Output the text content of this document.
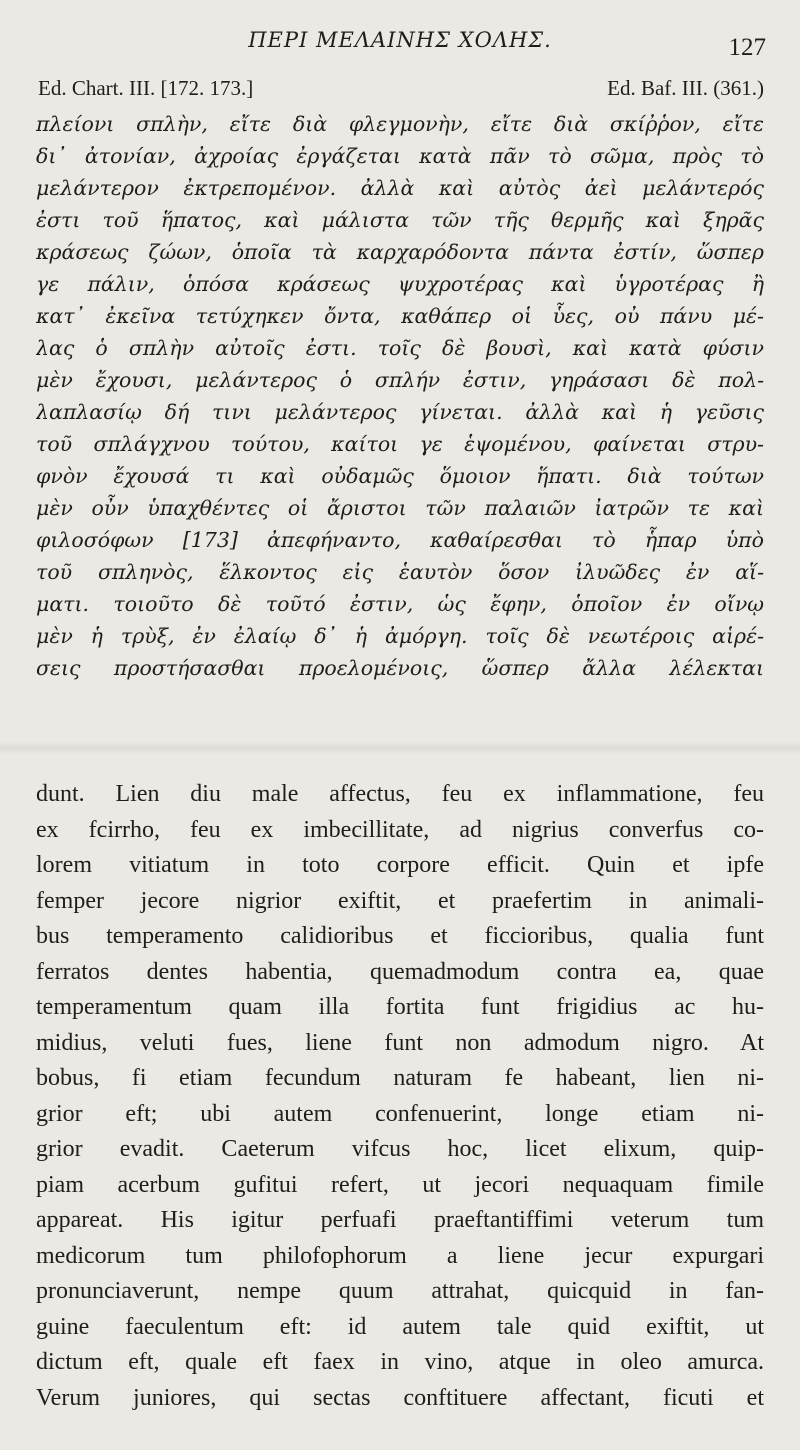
ΠΕΡΙ ΜΕΛΑΙΝΗΣ ΧΟΛΗΣ.	127
Ed. Chart. III. [172. 173.]	Ed. Baf. III. (361.)
πλείονι σπλὴν, εἴτε διὰ φλεγμονὴν, εἴτε διὰ σκίῤῥον, εἴτε
δι᾽ ἀτονίαν, ἀχροίας ἐργάζεται κατὰ πᾶν τὸ σῶμα, πρὸς τὸ
μελάντερον ἐκτρεπομένον. ἀλλὰ καὶ αὐτὸς ἀεὶ μελάντερός
ἐστι τοῦ ἥπατος, καὶ μάλιστα τῶν τῆς θερμῆς καὶ ξηρᾶς
κράσεως ζώων, ὁποῖα τὰ καρχαρόδοντα πάντα ἐστίν, ὥσπερ
γε πάλιν, ὁπόσα κράσεως ψυχροτέρας καὶ ὑγροτέρας ἢ
κατ᾽ ἐκεῖνα τετύχηκεν ὄντα, καθάπερ οἱ ὗες, οὐ πάνυ μέ-
λας ὁ σπλὴν αὐτοῖς ἐστι. τοῖς δὲ βουσὶ, καὶ κατὰ φύσιν
μὲν ἔχουσι, μελάντερος ὁ σπλήν ἐστιν, γηράσασι δὲ πολ-
λαπλασίῳ δή τινι μελάντερος γίνεται. ἀλλὰ καὶ ἡ γεῦσις
τοῦ σπλάγχνου τούτου, καίτοι γε ἑψομένου, φαίνεται στρυ-
φνὸν ἔχουσά τι καὶ οὐδαμῶς ὅμοιον ἥπατι. διὰ τούτων
μὲν οὖν ὑπαχθέντες οἱ ἄριστοι τῶν παλαιῶν ἰατρῶν τε καὶ
φιλοσόφων [173] ἀπεφήναντο, καθαίρεσθαι τὸ ἧπαρ ὑπὸ
τοῦ σπληνὸς, ἕλκοντος εἰς ἑαυτὸν ὅσον ἰλυῶδες ἐν αἵ-
ματι. τοιοῦτο δὲ τοῦτό ἐστιν, ὡς ἔφην, ὁποῖον ἐν οἴνῳ
μὲν ἡ τρὺξ, ἐν ἐλαίῳ δ᾽ ἡ ἀμόργη. τοῖς δὲ νεωτέροις αἱρέ-
σεις προστήσασθαι προελομένοις, ὥσπερ ἄλλα λέλεκται
dunt. Lien diu male affectus, feu ex inflammatione, feu
ex fcirrho, feu ex imbecillitate, ad nigrius converfus co-
lorem vitiatum in toto corpore efficit. Quin et ipfe
femper jecore nigrior exiftit, et praefertim in animali-
bus temperamento calidioribus et ficcioribus, qualia funt
ferratos dentes habentia, quemadmodum contra ea, quae
temperamentum quam illa fortita funt frigidius ac hu-
midius, veluti fues, liene funt non admodum nigro. At
bobus, fi etiam fecundum naturam fe habeant, lien ni-
grior eft; ubi autem confenuerint, longe etiam ni-
grior evadit. Caeterum vifcus hoc, licet elixum, quip-
piam acerbum gufitui refert, ut jecori nequaquam fimile
appareat. His igitur perfuafi praeftantiffimi veterum tum
medicorum tum philofophorum a liene jecur expurgari
pronunciaverunt, nempe quum attrahat, quicquid in fan-
guine faeculentum eft: id autem tale quid exiftit, ut
dictum eft, quale eft faex in vino, atque in oleo amurca.
Verum juniores, qui sectas conftituere affectant, ficuti et
